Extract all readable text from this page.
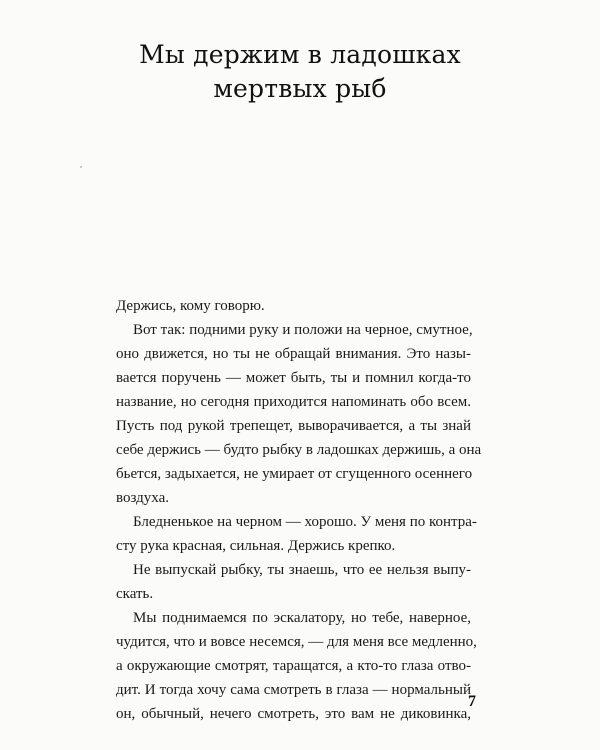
Мы держим в ладошках
мертвых рыб
Держись, кому говорю.
Вот так: подними руку и положи на черное, смутное,
оно движется, но ты не обращай внимания. Это назы-
вается поручень — может быть, ты и помнил когда-то
название, но сегодня приходится напоминать обо всем.
Пусть под рукой трепещет, выворачивается, а ты знай
себе держись — будто рыбку в ладошках держишь, а она
бьется, задыхается, не умирает от сгущенного осеннего
воздуха.
Бледненькое на черном — хорошо. У меня по контра-
сту рука красная, сильная. Держись крепко.
Не выпускай рыбку, ты знаешь, что ее нельзя выпу-
скать.
Мы поднимаемся по эскалатору, но тебе, наверное,
чудится, что и вовсе несемся, — для меня все медленно,
а окружающие смотрят, таращатся, а кто-то глаза отво-
дит. И тогда хочу сама смотреть в глаза — нормальный
он, обычный, нечего смотреть, это вам не диковинка,
7
